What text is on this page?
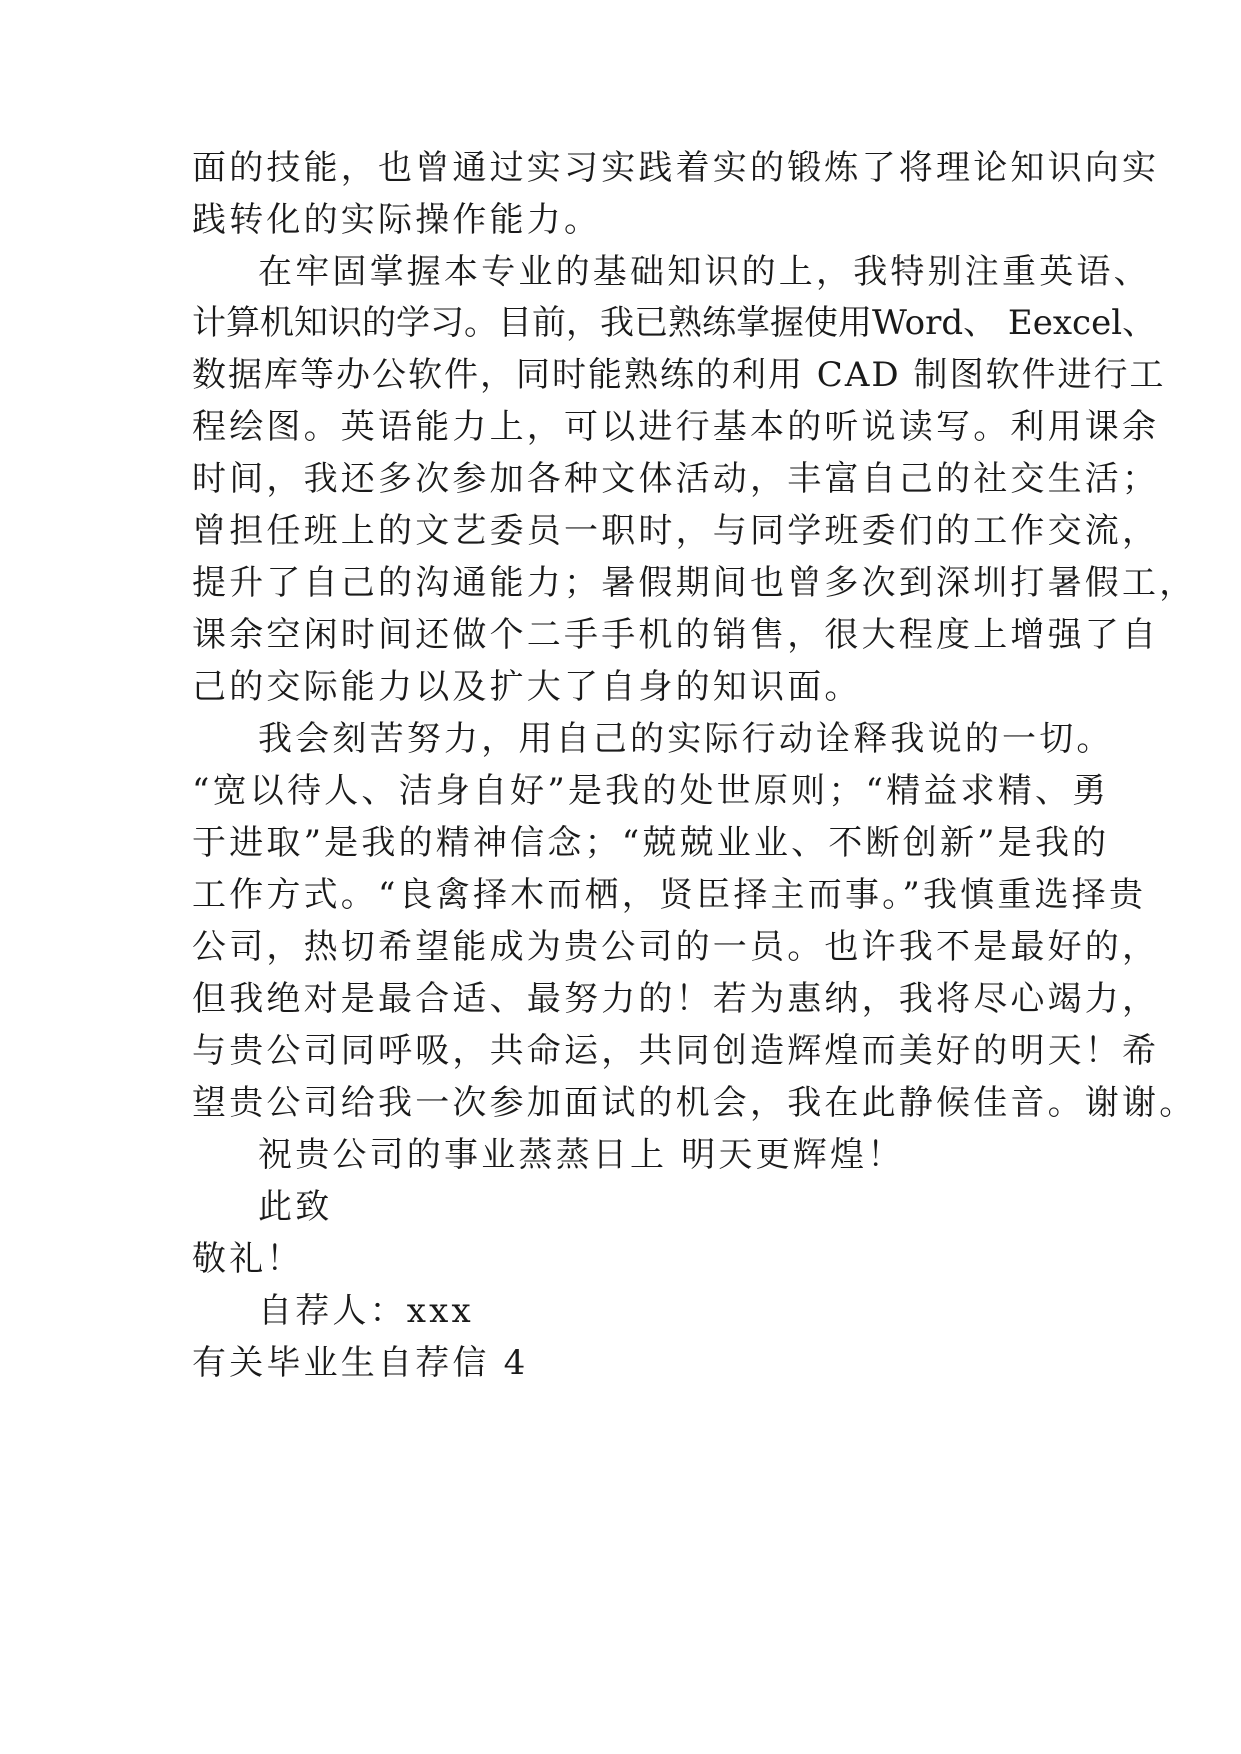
面的技能，也曾通过实习实践着实的锻炼了将理论知识向实

践转化的实际操作能力。

在牢固掌握本专业的基础知识的上，我特别注重英语、

计算机知识的学习。目前，我已熟练掌握使用Word、 Eexcel、

数据库等办公软件，同时能熟练的利用 CAD 制图软件进行工

程绘图。英语能力上，可以进行基本的听说读写。利用课余

时间，我还多次参加各种文体活动，丰富自己的社交生活；

曾担任班上的文艺委员一职时，与同学班委们的工作交流，

提升了自己的沟通能力；暑假期间也曾多次到深圳打暑假工，

课余空闲时间还做个二手手机的销售，很大程度上增强了自

己的交际能力以及扩大了自身的知识面。

我会刻苦努力，用自己的实际行动诠释我说的一切。

“宽以待人、洁身自好”是我的处世原则；“精益求精、勇

于进取”是我的精神信念；“兢兢业业、不断创新”是我的

工作方式。“良禽择木而栖，贤臣择主而事。”我慎重选择贵

公司，热切希望能成为贵公司的一员。也许我不是最好的，

但我绝对是最合适、最努力的！若为惠纳，我将尽心竭力，

与贵公司同呼吸，共命运，共同创造辉煌而美好的明天！希

望贵公司给我一次参加面试的机会，我在此静候佳音。谢谢。

祝贵公司的事业蒸蒸日上 明天更辉煌！

此致

敬礼！

自荐人：xxx

有关毕业生自荐信 4
